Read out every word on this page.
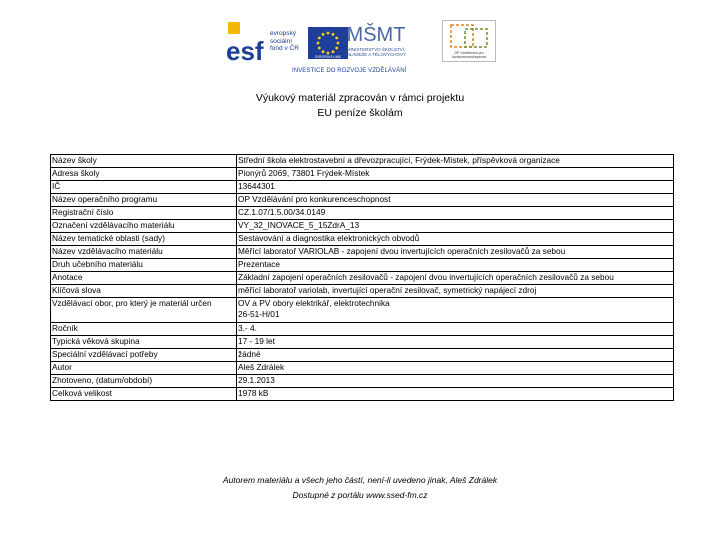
esf
evropský
sociální
fond v ČR
EVROPSKÁ UNIE
MŠMT
MINISTERSTVO ŠKOLSTVÍ, MLÁDEŽE A TĚLOVÝCHOVY	OP Vzdělávání pro konkurenceschopnost
INVESTICE DO ROZVOJE VZDĚLÁVÁNÍ
Výukový materiál zpracován v rámci projektu
EU peníze školám
Název školy	Střední škola elektrostavební a dřevozpracující, Frýdek-Místek, příspěvková organizace
Adresa školy	Pionýrů 2069, 73801 Frýdek-Místek
IČ	13644301
Název operačního programu	OP Vzdělávání pro konkurenceschopnost
Registrační číslo	CZ.1.07/1.5.00/34.0149
Označení vzdělávacího materiálu	VY_32_INOVACE_5_15ZdrA_13
Název tematické oblasti (sady)	Sestavování a diagnostika elektronických obvodů
Název vzdělávacího materiálu	Měřící laboratoř VARIOLAB - zapojení dvou invertujících operačních zesilovačů za sebou
Druh učebního materiálu	Prezentace
Anotace	Základní zapojení operačních zesilovačů - zapojení dvou invertujících operačních zesilovačů za sebou
Klíčová slova	měřící laboratoř variolab, invertující operační zesilovač, symetrický napájecí zdroj
Vzdělávací obor, pro který je materiál určen	OV a PV obory elektrikář, elektrotechnika
26-51-H/01

Ročník	3.- 4.
Typická věková skupina	17 - 19 let
Speciální vzdělávací potřeby	žádné
Autor	Aleš Zdrálek
Zhotoveno, (datum/období)	29.1.2013
Celková velikost	1978 kB
Autorem materiálu a všech jeho částí, není-li uvedeno jinak, Aleš Zdrálek
Dostupné z portálu www.ssed-fm.cz
